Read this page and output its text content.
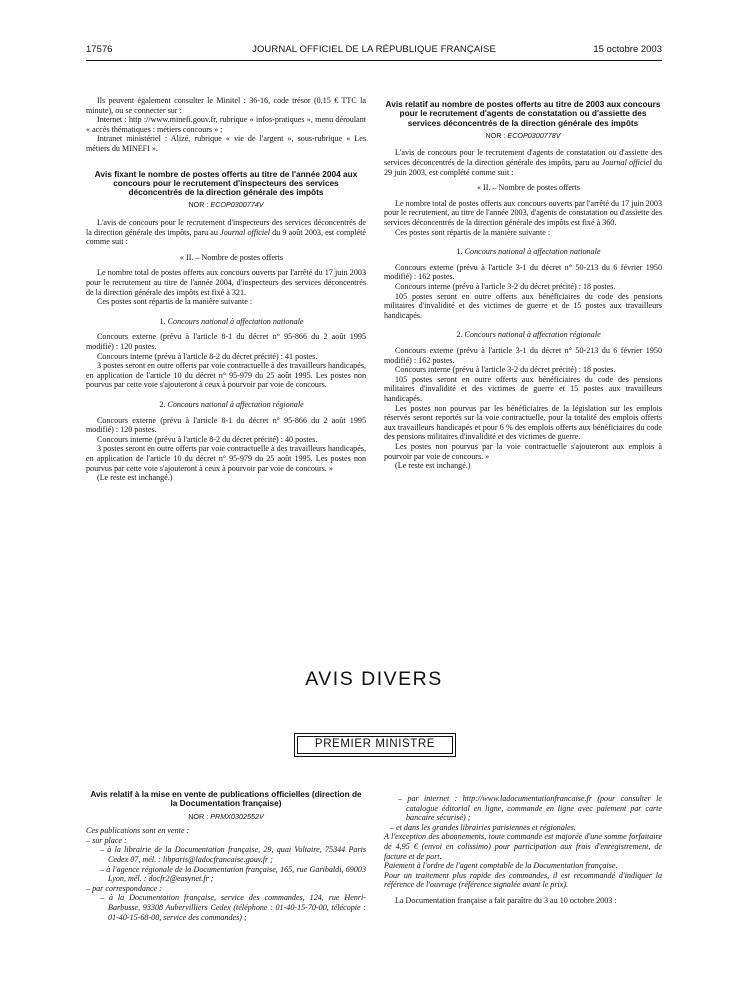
17576	JOURNAL OFFICIEL DE LA RÉPUBLIQUE FRANÇAISE	15 octobre 2003

Ils peuvent également consulter le Minitel : 36-16, code trésor (0,15 € TTC la minute), ou se connecter sur :

Internet : http ://www.minefi.gouv.fr, rubrique « infos-pratiques », menu déroulant « accès thématiques : métiers concours » ;

Intranet ministériel : Alizé, rubrique « vie de l'argent », sous-rubrique « Les métiers du MINEFI ».

Avis fixant le nombre de postes offerts au titre de l'année 2004 aux concours pour le recrutement d'inspecteurs des services déconcentrés de la direction générale des impôts
NOR : ECOP0300774V

L'avis de concours pour le recrutement d'inspecteurs des services déconcentrés de la direction générale des impôts, paru au Journal officiel du 9 août 2003, est complété comme suit :

« II. – Nombre de postes offerts

Le nombre total de postes offerts aux concours ouverts par l'arrêté du 17 juin 2003 pour le recrutement au titre de l'année 2004, d'inspecteurs des services déconcentrés de la direction générale des impôts est fixé à 321.

Ces postes sont répartis de la manière suivante :

1. Concours national à affectation nationale

Concours externe (prévu à l'article 8-1 du décret n° 95-866 du 2 août 1995 modifié) : 120 postes.

Concours interne (prévu à l'article 8-2 du décret précité) : 41 postes.

3 postes seront en outre offerts par voie contractuelle à des travailleurs handicapés, en application de l'article 10 du décret n° 95-979 du 25 août 1995. Les postes non pourvus par cette voie s'ajouteront à ceux à pourvoir par voie de concours.

2. Concours national à affectation régionale

Concours externe (prévu à l'article 8-1 du décret n° 95-866 du 2 août 1995 modifié) : 120 postes.

Concours interne (prévu à l'article 8-2 du décret précité) : 40 postes.

3 postes seront en outre offerts par voie contractuelle à des travailleurs handicapés, en application de l'article 10 du décret n° 95-979 du 25 août 1995. Les postes non pourvus par cette voie s'ajouteront à ceux à pourvoir par voie de concours. »

(Le reste est inchangé.)

Avis relatif au nombre de postes offerts au titre de 2003 aux concours pour le recrutement d'agents de constatation ou d'assiette des services déconcentrés de la direction générale des impôts
NOR : ECOP0300778V

L'avis de concours pour le recrutement d'agents de constatation ou d'assiette des services déconcentrés de la direction générale des impôts, paru au Journal officiel du 29 juin 2003, est complété comme suit :

« II. – Nombre de postes offerts

Le nombre total de postes offerts aux concours ouverts par l'arrêté du 17 juin 2003 pour le recrutement, au titre de l'année 2003, d'agents de constatation ou d'assiette des services déconcentrés de la direction générale des impôts est fixé à 360.

Ces postes sont répartis de la manière suivante :

1. Concours national à affectation nationale

Concours externe (prévu à l'article 3-1 du décret n° 50-213 du 6 février 1950 modifié) : 162 postes.

Concours interne (prévu à l'article 3-2 du décret précité) : 18 postes.

105 postes seront en outre offerts aux bénéficiaires du code des pensions militaires d'invalidité et des victimes de guerre et de 15 postes aux travailleurs handicapés.

2. Concours national à affectation régionale

Concours externe (prévu à l'article 3-1 du décret n° 50-213 du 6 février 1950 modifié) : 162 postes.

Concours interne (prévu à l'article 3-2 du décret précité) : 18 postes.

105 postes seront en outre offerts aux bénéficiaires du code des pensions militaires d'invalidité et des victimes de guerre et 15 postes aux travailleurs handicapés.

Les postes non pourvus par les bénéficiaires de la législation sur les emplois réservés seront reportés sur la voie contractuelle, pour la totalité des emplois offerts aux travailleurs handicapés et pour 6 % des emplois offerts aux bénéficiaires du code des pensions militaires d'invalidité et des victimes de guerre.

Les postes non pourvus par la voie contractuelle s'ajouteront aux emplois à pourvoir par voie de concours. »

(Le reste est inchangé.)

AVIS DIVERS
PREMIER MINISTRE
Avis relatif à la mise en vente de publications officielles (direction de la Documentation française)
NOR : PRMX0302552V

Ces publications sont en vente :

– sur place :

– à la librairie de la Documentation française, 29, quai Voltaire, 75344 Paris Cedex 07, mél. : libparis@ladocfrancaise.gouv.fr ;

– à l'agence régionale de la Documentation française, 165, rue Garibaldi, 69003 Lyon, mél. : docfr2@easynet.fr ;

– par correspondance :

– à la Documentation française, service des commandes, 124, rue Henri-Barbusse, 93308 Aubervilliers Cedex (téléphone : 01-40-15-70-00, télécopie : 01-40-15-68-00, service des commandes) ;

– par internet : http://www.ladocumentationfrancaise.fr (pour consulter le catalogue éditorial en ligne, commande en ligne avec paiement par carte bancaire sécurisé) ;

– et dans les grandes librairies parisiennes et régionales.

A l'exception des abonnements, toute commande est majorée d'une somme forfaitaire de 4,95 € (envoi en colissimo) pour participation aux frais d'enregistrement, de facture et de port.

Paiement à l'ordre de l'agent comptable de la Documentation française.

Pour un traitement plus rapide des commandes, il est recommandé d'indiquer la référence de l'ouvrage (référence signalée avant le prix).

La Documentation française a fait paraître du 3 au 10 octobre 2003 :
